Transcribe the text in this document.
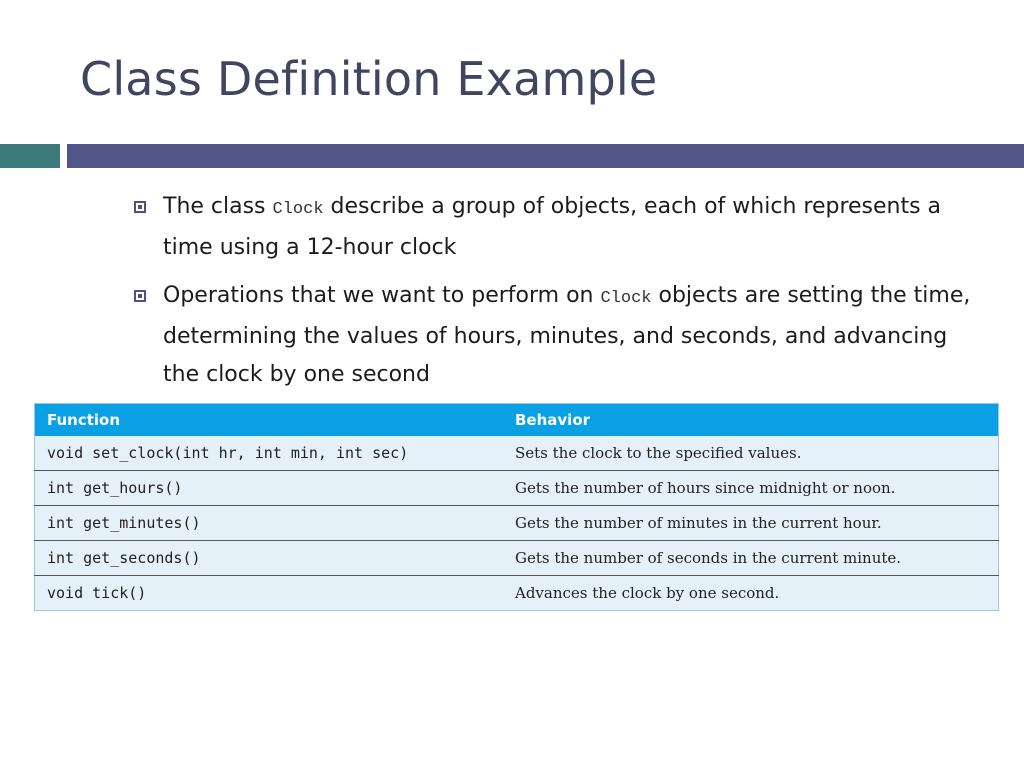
Class Definition Example
The class Clock describe a group of objects, each of which represents a time using a 12-hour clock
Operations that we want to perform on Clock objects are setting the time, determining the values of hours, minutes, and seconds, and advancing the clock by one second
Function	Behavior
void set_clock(int hr, int min, int sec)	Sets the clock to the specified values.
int get_hours()	Gets the number of hours since midnight or noon.
int get_minutes()	Gets the number of minutes in the current hour.
int get_seconds()	Gets the number of seconds in the current minute.
void tick()	Advances the clock by one second.
